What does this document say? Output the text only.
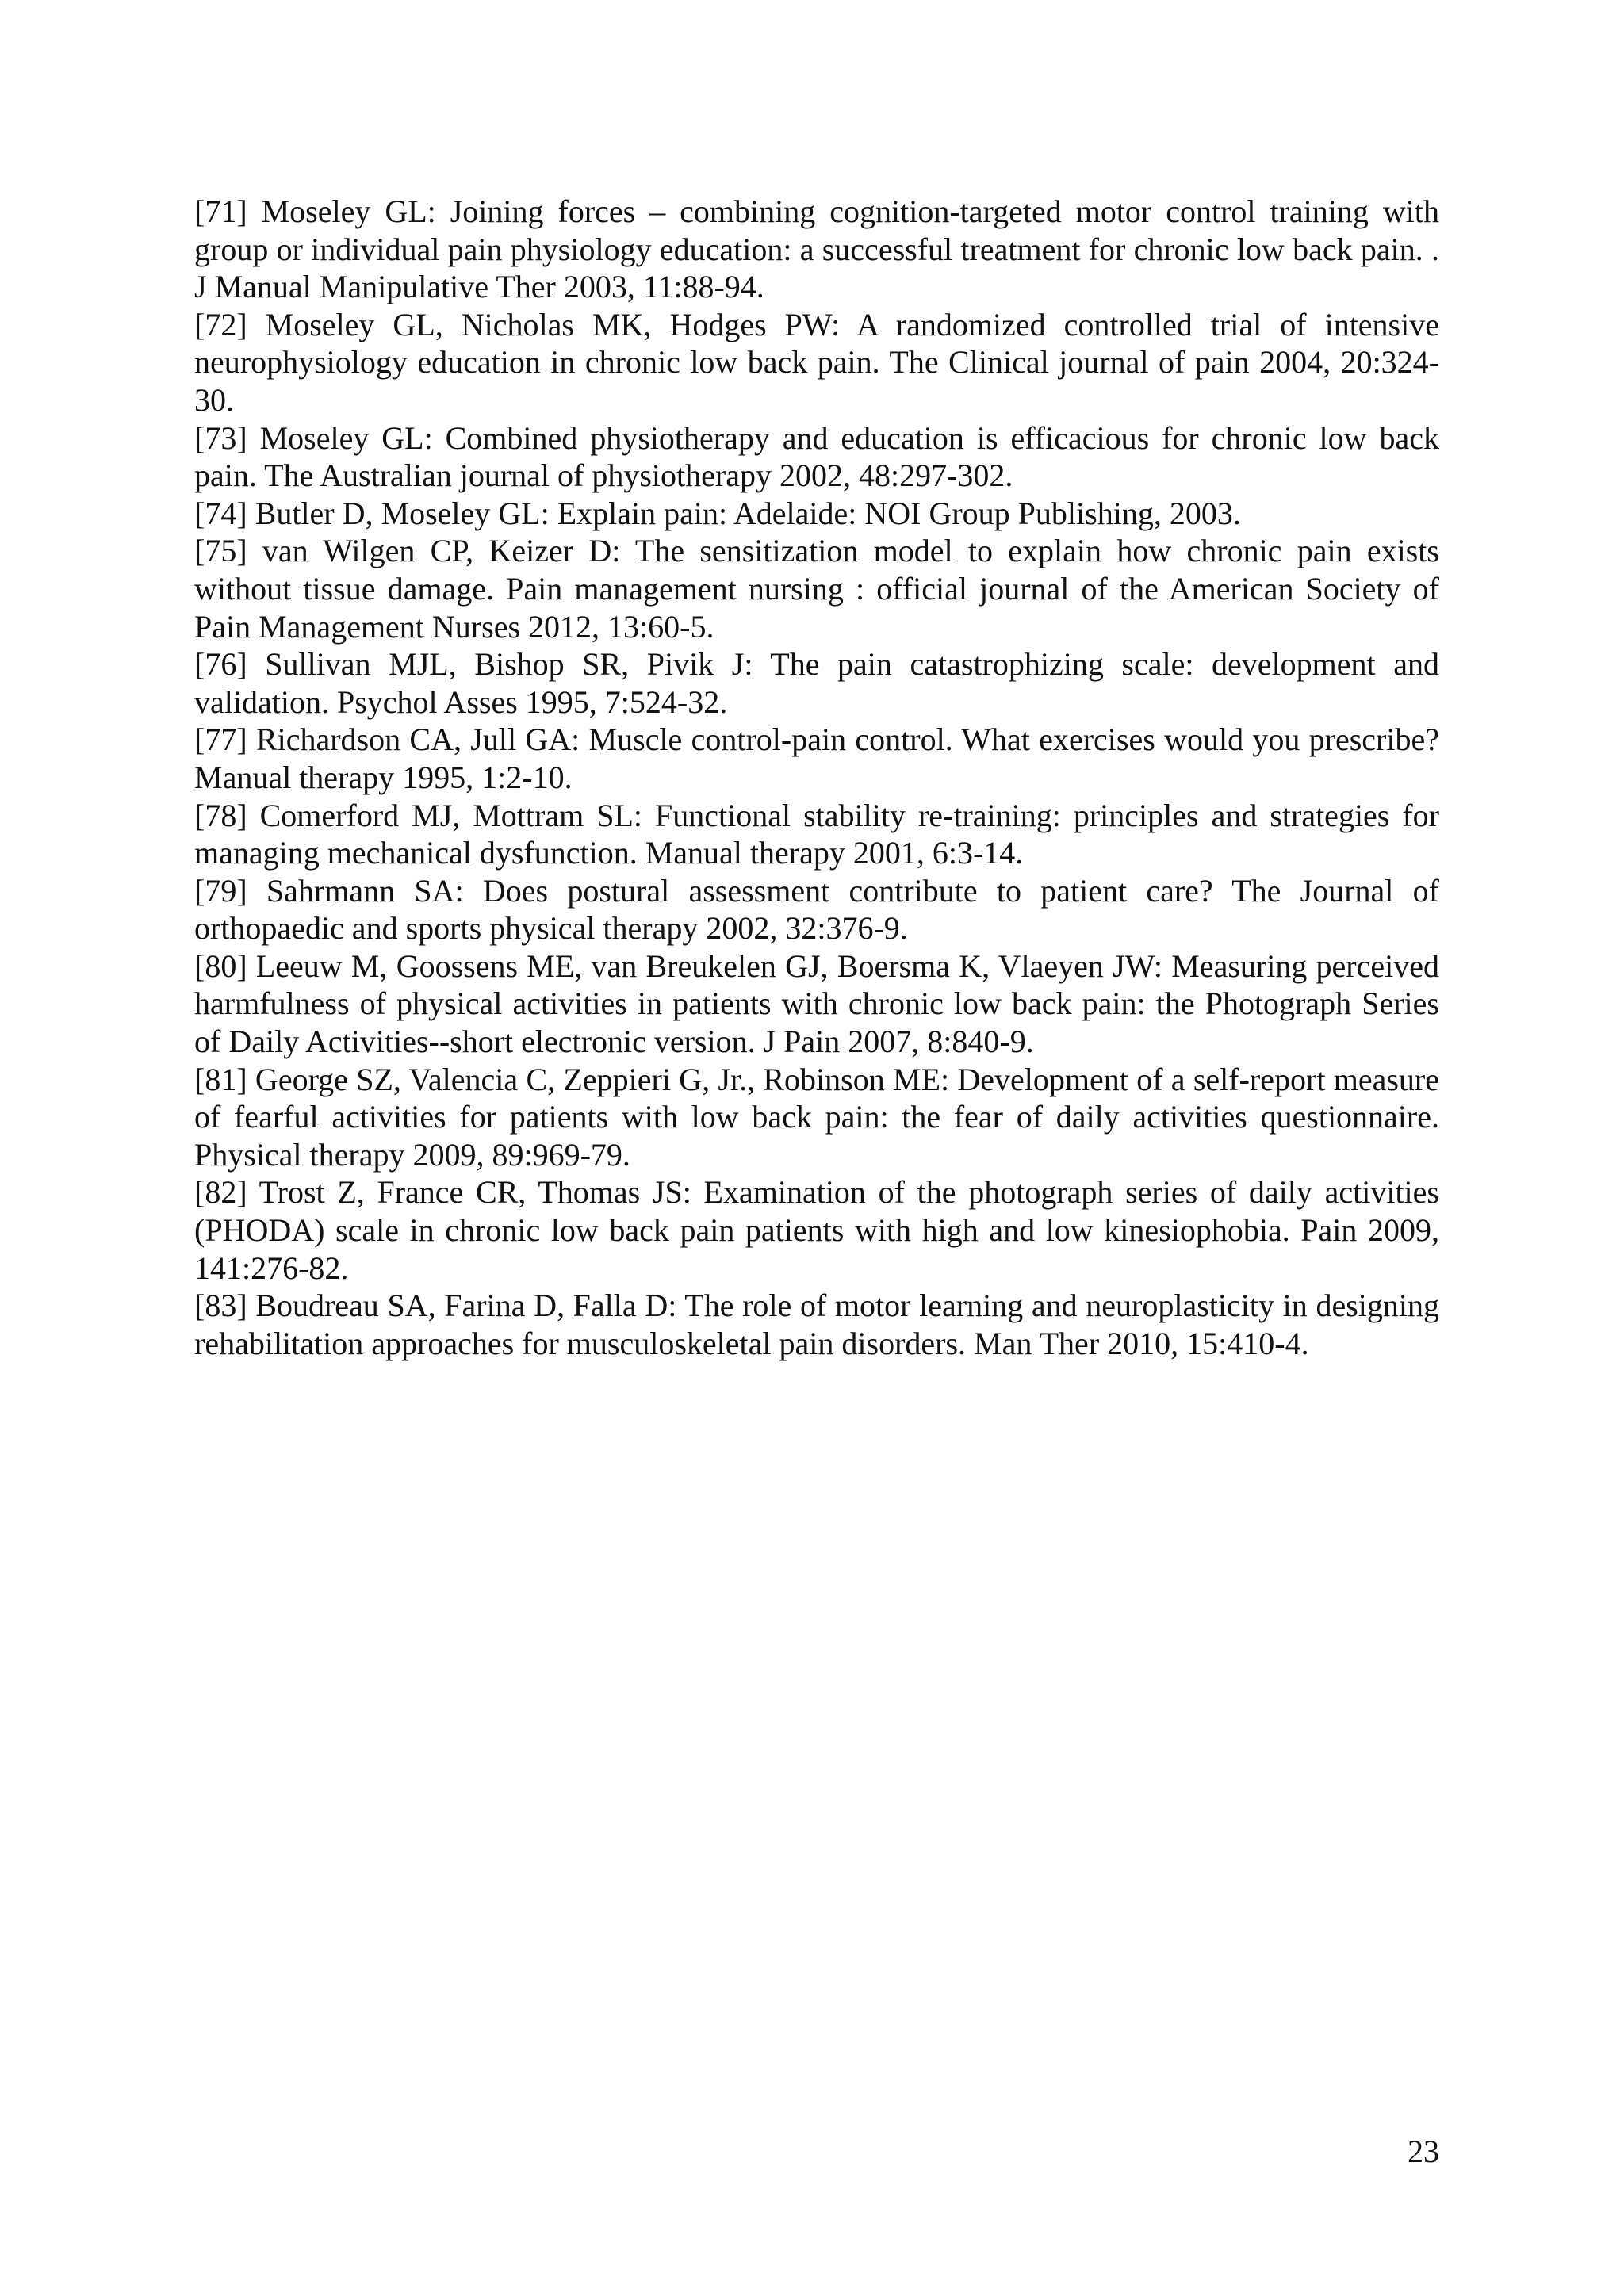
[71] Moseley GL: Joining forces – combining cognition-targeted motor control training with group or individual pain physiology education: a successful treatment for chronic low back pain. . J Manual Manipulative Ther 2003, 11:88-94.

[72] Moseley GL, Nicholas MK, Hodges PW: A randomized controlled trial of intensive neurophysiology education in chronic low back pain. The Clinical journal of pain 2004, 20:324-30.

[73] Moseley GL: Combined physiotherapy and education is efficacious for chronic low back pain. The Australian journal of physiotherapy 2002, 48:297-302.

[74] Butler D, Moseley GL: Explain pain: Adelaide: NOI Group Publishing, 2003.

[75] van Wilgen CP, Keizer D: The sensitization model to explain how chronic pain exists without tissue damage. Pain management nursing : official journal of the American Society of Pain Management Nurses 2012, 13:60-5.

[76] Sullivan MJL, Bishop SR, Pivik J: The pain catastrophizing scale: development and validation. Psychol Asses 1995, 7:524-32.

[77] Richardson CA, Jull GA: Muscle control-pain control. What exercises would you prescribe? Manual therapy 1995, 1:2-10.

[78] Comerford MJ, Mottram SL: Functional stability re-training: principles and strategies for managing mechanical dysfunction. Manual therapy 2001, 6:3-14.

[79] Sahrmann SA: Does postural assessment contribute to patient care? The Journal of orthopaedic and sports physical therapy 2002, 32:376-9.

[80] Leeuw M, Goossens ME, van Breukelen GJ, Boersma K, Vlaeyen JW: Measuring perceived harmfulness of physical activities in patients with chronic low back pain: the Photograph Series of Daily Activities--short electronic version. J Pain 2007, 8:840-9.

[81] George SZ, Valencia C, Zeppieri G, Jr., Robinson ME: Development of a self-report measure of fearful activities for patients with low back pain: the fear of daily activities questionnaire. Physical therapy 2009, 89:969-79.

[82] Trost Z, France CR, Thomas JS: Examination of the photograph series of daily activities (PHODA) scale in chronic low back pain patients with high and low kinesiophobia. Pain 2009, 141:276-82.

[83] Boudreau SA, Farina D, Falla D: The role of motor learning and neuroplasticity in designing rehabilitation approaches for musculoskeletal pain disorders. Man Ther 2010, 15:410-4.

23
